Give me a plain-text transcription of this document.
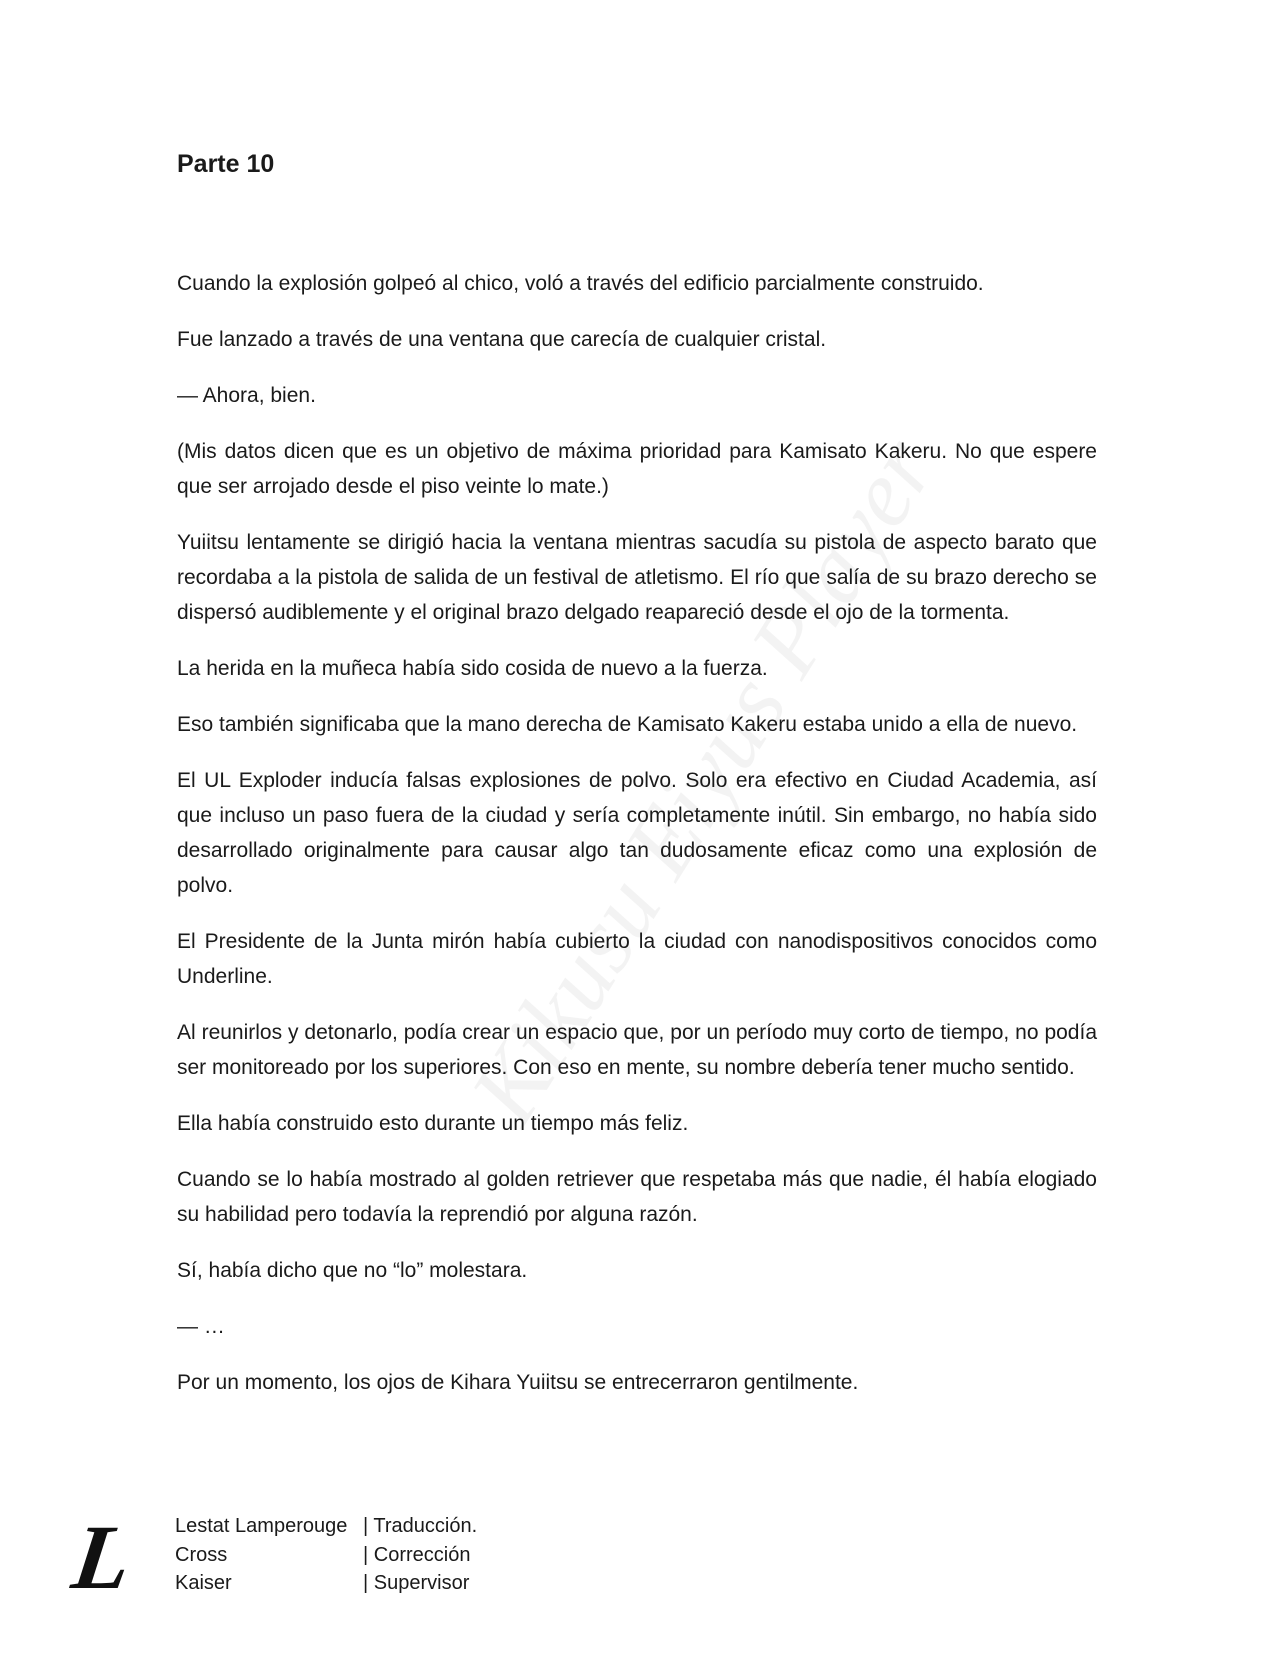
Parte 10

Cuando la explosión golpeó al chico, voló a través del edificio parcialmente construido.

Fue lanzado a través de una ventana que carecía de cualquier cristal.

— Ahora, bien.

(Mis datos dicen que es un objetivo de máxima prioridad para Kamisato Kakeru. No que espere que ser arrojado desde el piso veinte lo mate.)

Yuiitsu lentamente se dirigió hacia la ventana mientras sacudía su pistola de aspecto barato que recordaba a la pistola de salida de un festival de atletismo. El río que salía de su brazo derecho se dispersó audiblemente y el original brazo delgado reapareció desde el ojo de la tormenta.

La herida en la muñeca había sido cosida de nuevo a la fuerza.

Eso también significaba que la mano derecha de Kamisato Kakeru estaba unido a ella de nuevo.

El UL Exploder inducía falsas explosiones de polvo. Solo era efectivo en Ciudad Academia, así que incluso un paso fuera de la ciudad y sería completamente inútil. Sin embargo, no había sido desarrollado originalmente para causar algo tan dudosamente eficaz como una explosión de polvo.

El Presidente de la Junta mirón había cubierto la ciudad con nanodispositivos conocidos como Underline.

Al reunirlos y detonarlo, podía crear un espacio que, por un período muy corto de tiempo, no podía ser monitoreado por los superiores. Con eso en mente, su nombre debería tener mucho sentido.

Ella había construido esto durante un tiempo más feliz.

Cuando se lo había mostrado al golden retriever que respetaba más que nadie, él había elogiado su habilidad pero todavía la reprendió por alguna razón.

Sí, había dicho que no “lo” molestara.

— …

Por un momento, los ojos de Kihara Yuiitsu se entrecerraron gentilmente.

L Lestat Lamperouge | Traducción.
Cross	| Corrección
Kaiser	| Supervisor
